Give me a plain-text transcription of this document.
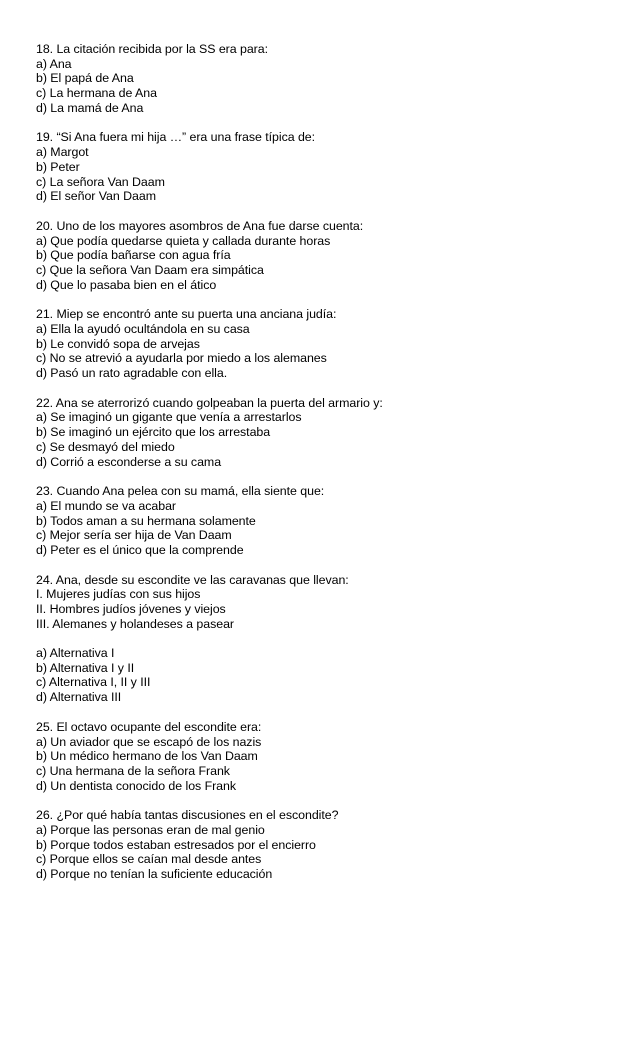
18. La citación recibida por la SS era para:
a) Ana
b) El papá de Ana
c) La hermana de Ana
d) La mamá de Ana
19. “Si Ana fuera mi hija …” era una frase típica de:
a) Margot
b) Peter
c) La señora Van Daam
d) El señor Van Daam
20. Uno de los mayores asombros de Ana fue darse cuenta:
a) Que podía quedarse quieta y callada durante horas
b) Que podía bañarse con agua fría
c) Que la señora Van Daam era simpática
d) Que lo pasaba bien en el ático
21. Miep se encontró ante su puerta una anciana judía:
a) Ella la ayudó ocultándola en su casa
b) Le convidó sopa de arvejas
c) No se atrevió a ayudarla por miedo a los alemanes
d) Pasó un rato agradable con ella.
22. Ana se aterrorizó cuando golpeaban la puerta del armario y:
a) Se imaginó un gigante que venía a arrestarlos
b) Se imaginó un ejército que los arrestaba
c) Se desmayó del miedo
d) Corrió a esconderse a su cama
23. Cuando Ana pelea con su mamá, ella siente que:
a) El mundo se va acabar
b) Todos aman a su hermana solamente
c) Mejor sería ser hija de Van Daam
d) Peter es el único que la comprende
24. Ana, desde su escondite ve las caravanas que llevan:
I. Mujeres judías con sus hijos
II. Hombres judíos jóvenes y viejos
III. Alemanes y holandeses a pasear
a) Alternativa I
b) Alternativa I y II
c) Alternativa I, II y III
d) Alternativa III
25. El octavo ocupante del escondite era:
a) Un aviador que se escapó de los nazis
b) Un médico hermano de los Van Daam
c) Una hermana de la señora Frank
d) Un dentista conocido de los Frank
26. ¿Por qué había tantas discusiones en el escondite?
a) Porque las personas eran de mal genio
b) Porque todos estaban estresados por el encierro
c) Porque ellos se caían mal desde antes
d) Porque no tenían la suficiente educación
